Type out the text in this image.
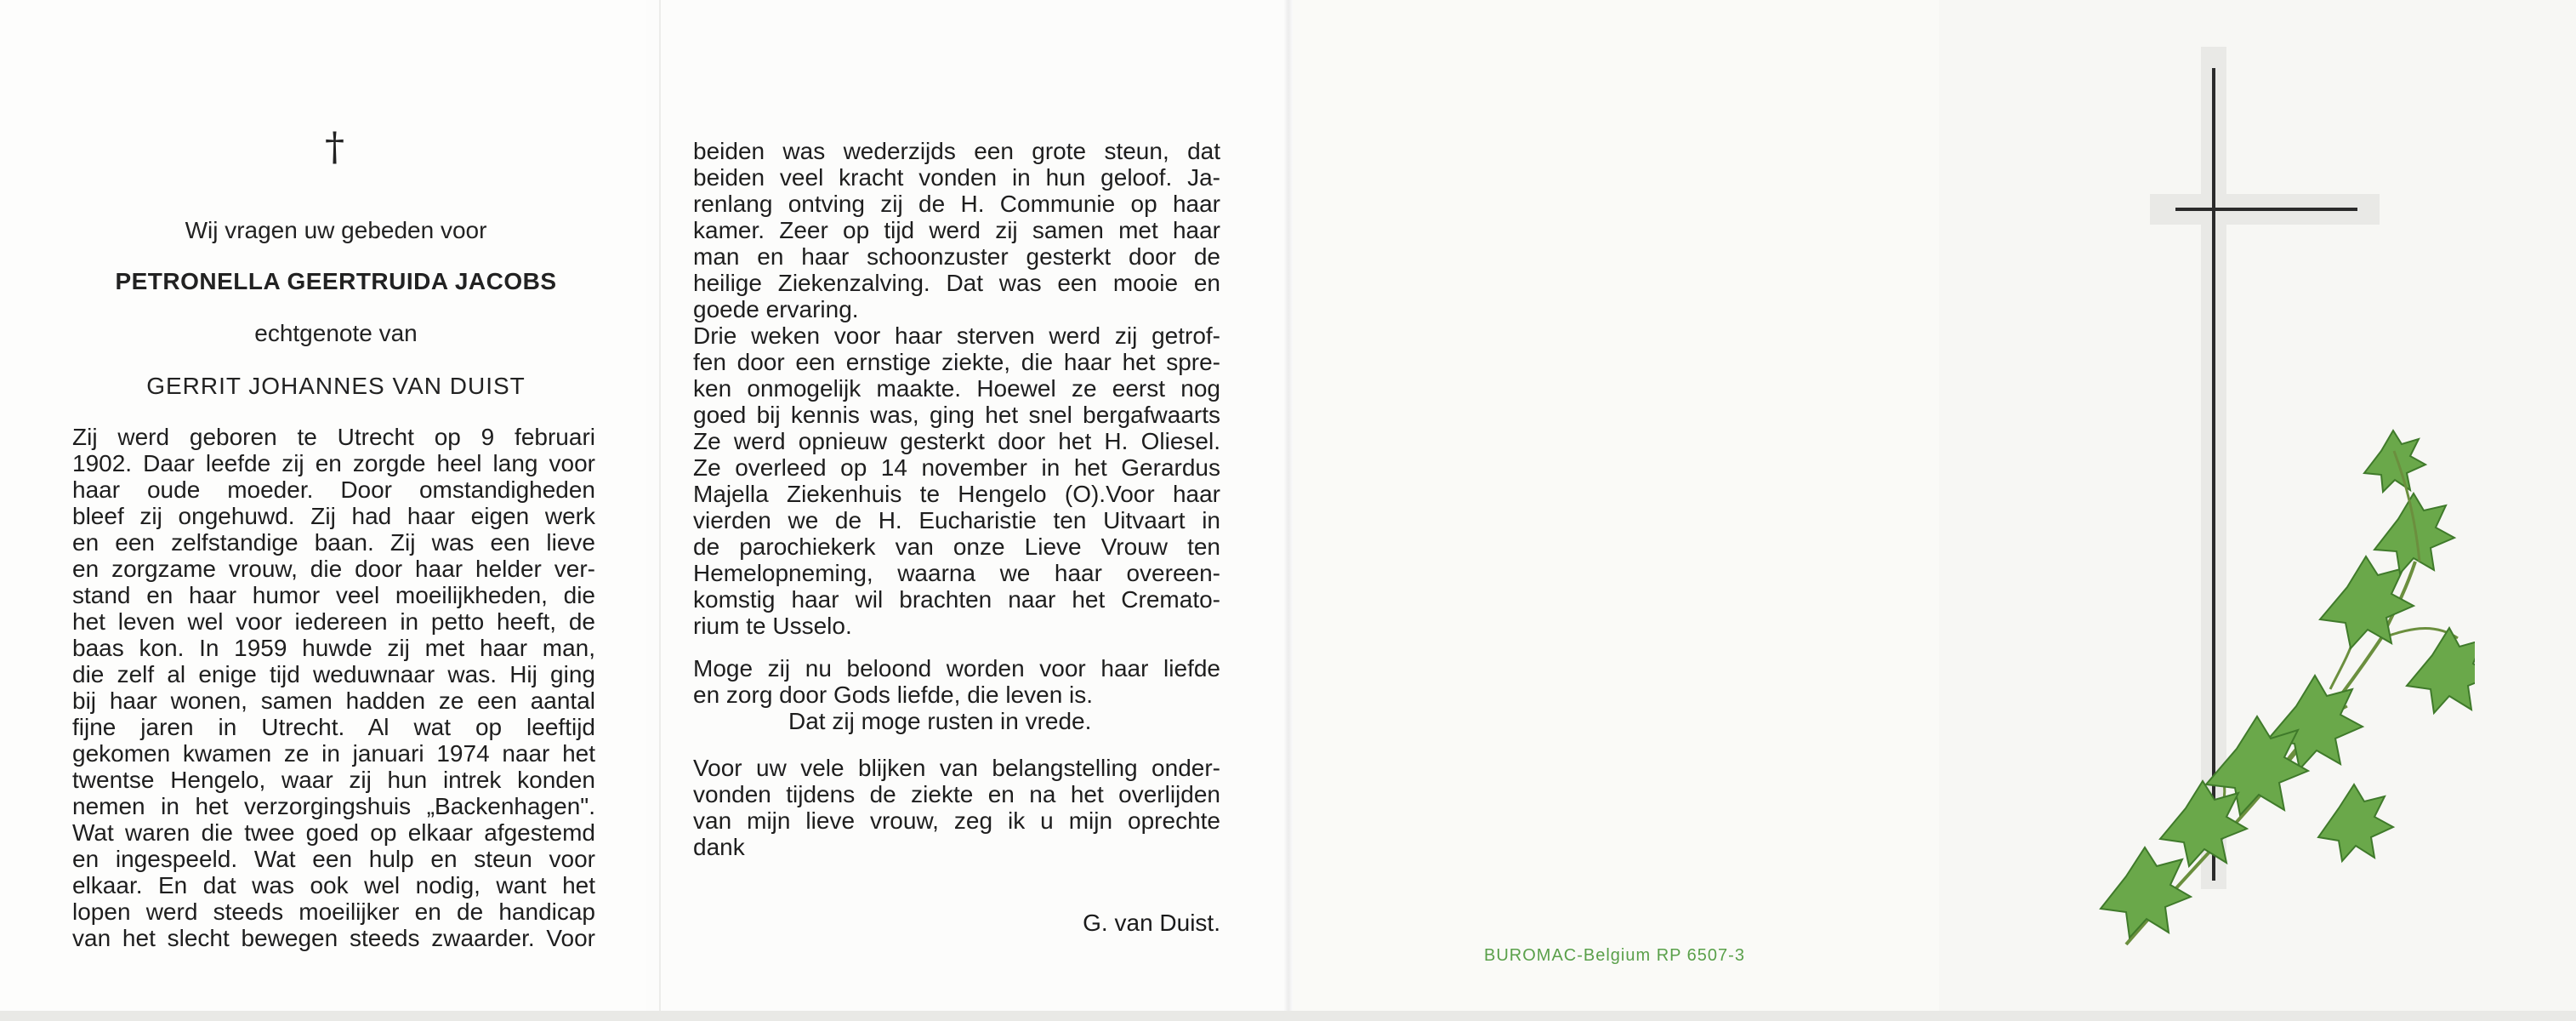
†
Wij vragen uw gebeden voor
PETRONELLA GEERTRUIDA JACOBS
echtgenote van
GERRIT JOHANNES VAN DUIST
Zij werd geboren te Utrecht op 9 februari
1902. Daar leefde zij en zorgde heel lang voor
haar oude moeder. Door omstandigheden
bleef zij ongehuwd. Zij had haar eigen werk
en een zelfstandige baan. Zij was een lieve
en zorgzame vrouw, die door haar helder ver-
stand en haar humor veel moeilijkheden, die
het leven wel voor iedereen in petto heeft, de
baas kon. In 1959 huwde zij met haar man,
die zelf al enige tijd weduwnaar was. Hij ging
bij haar wonen, samen hadden ze een aantal
fijne jaren in Utrecht. Al wat op leeftijd
gekomen kwamen ze in januari 1974 naar het
twentse Hengelo, waar zij hun intrek konden
nemen in het verzorgingshuis „Backenhagen".
Wat waren die twee goed op elkaar afgestemd
en ingespeeld. Wat een hulp en steun voor
elkaar. En dat was ook wel nodig, want het
lopen werd steeds moeilijker en de handicap
van het slecht bewegen steeds zwaarder. Voor
beiden was wederzijds een grote steun, dat
beiden veel kracht vonden in hun geloof. Ja-
renlang ontving zij de H. Communie op haar
kamer. Zeer op tijd werd zij samen met haar
man en haar schoonzuster gesterkt door de
heilige Ziekenzalving. Dat was een mooie en
goede ervaring.
Drie weken voor haar sterven werd zij getrof-
fen door een ernstige ziekte, die haar het spre-
ken onmogelijk maakte. Hoewel ze eerst nog
goed bij kennis was, ging het snel bergafwaarts
Ze werd opnieuw gesterkt door het H. Oliesel.
Ze overleed op 14 november in het Gerardus
Majella Ziekenhuis te Hengelo (O).Voor haar
vierden we de H. Eucharistie ten Uitvaart in
de parochiekerk van onze Lieve Vrouw ten
Hemelopneming, waarna we haar overeen-
komstig haar wil brachten naar het Cremato-
rium te Usselo.
Moge zij nu beloond worden voor haar liefde
en zorg door Gods liefde, die leven is.
Dat zij moge rusten in vrede.
Voor uw vele blijken van belangstelling onder-
vonden tijdens de ziekte en na het overlijden
van mijn lieve vrouw, zeg ik u mijn oprechte
dank
G. van Duist.
BUROMAC-Belgium RP 6507-3
